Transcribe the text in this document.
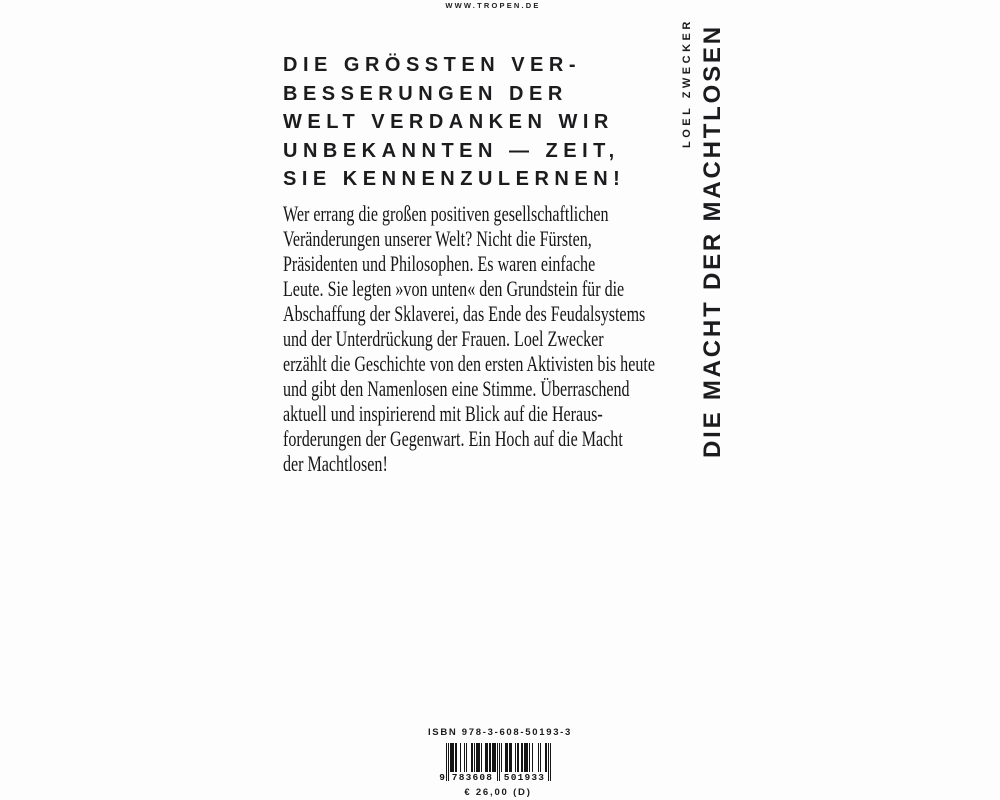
WWW.TROPEN.DE
DIE GRÖSSTEN VER-
BESSERUNGEN DER
WELT VERDANKEN WIR
UNBEKANNTEN — ZEIT,
SIE KENNENZULERNEN!
Wer errang die großen positiven gesellschaftlichen
Veränderungen unserer Welt? Nicht die Fürsten,
Präsidenten und Philosophen. Es waren einfache
Leute. Sie legten »von unten« den Grundstein für die
Abschaffung der Sklaverei, das Ende des Feudalsystems
und der Unterdrückung der Frauen. Loel Zwecker
erzählt die Geschichte von den ersten Aktivisten bis heute
und gibt den Namenlosen eine Stimme. Überraschend
aktuell und inspirierend mit Blick auf die Heraus-
forderungen der Gegenwart. Ein Hoch auf die Macht
der Machtlosen!
LOEL ZWECKER DIE MACHT DER MACHTLOSEN
ISBN 978-3-608-50193-3
9 783608 501933
€ 26,00 (D)
